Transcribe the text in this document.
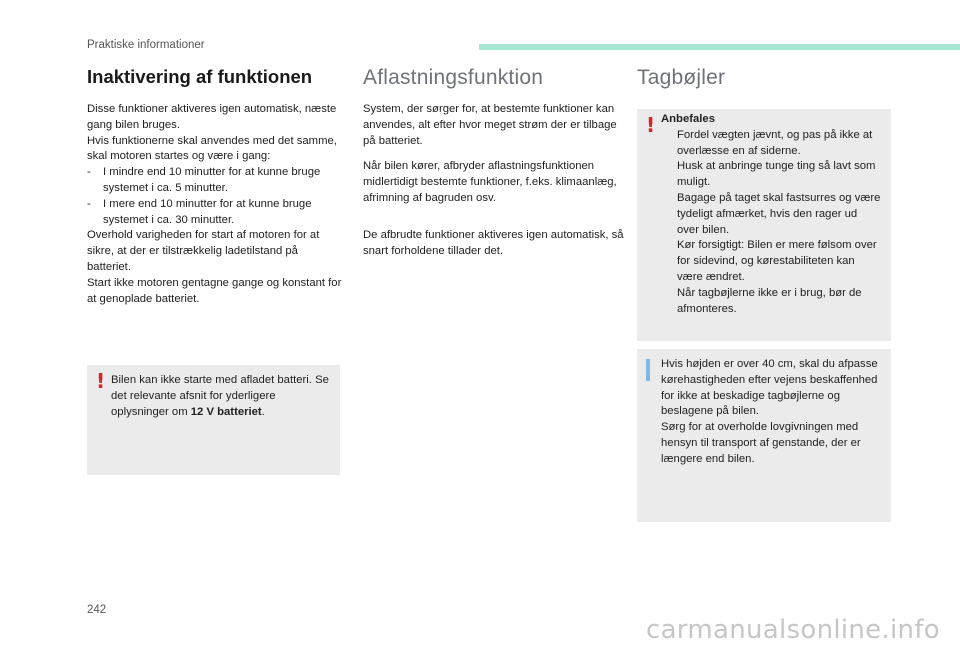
Praktiske informationer
Inaktivering af funktionen

Disse funktioner aktiveres igen automatisk, næste gang bilen bruges.

Hvis funktionerne skal anvendes med det samme, skal motoren startes og være i gang:

- I mindre end 10 minutter for at kunne bruge systemet i ca. 5 minutter.
- I mere end 10 minutter for at kunne bruge systemet i ca. 30 minutter.

Overhold varigheden for start af motoren for at sikre, at der er tilstrækkelig ladetilstand på batteriet.

Start ikke motoren gentagne gange og konstant for at genoplade batteriet.

! Bilen kan ikke starte med afladet batteri. Se det relevante afsnit for yderligere oplysninger om 12 V batteriet.
Aflastningsfunktion

System, der sørger for, at bestemte funktioner kan anvendes, alt efter hvor meget strøm der er tilbage på batteriet.

Når bilen kører, afbryder aflastningsfunktionen midlertidigt bestemte funktioner, f.eks. klimaanlæg, afrimning af bagruden osv.

De afbrudte funktioner aktiveres igen automatisk, så snart forholdene tillader det.

Tagbøjler
! Anbefales
Fordel vægten jævnt, og pas på ikke at overlæsse en af siderne.
Husk at anbringe tunge ting så lavt som muligt.
Bagage på taget skal fastsurres og være tydeligt afmærket, hvis den rager ud over bilen.
Kør forsigtigt: Bilen er mere følsom over for sidevind, og kørestabiliteten kan være ændret.
Når tagbøjlerne ikke er i brug, bør de afmonteres.

Hvis højden er over 40 cm, skal du afpasse kørehastigheden efter vejens beskaffenhed for ikke at beskadige tagbøjlerne og beslagene på bilen.

Sørg for at overholde lovgivningen med hensyn til transport af genstande, der er længere end bilen.

242
carmanualsonline.info
